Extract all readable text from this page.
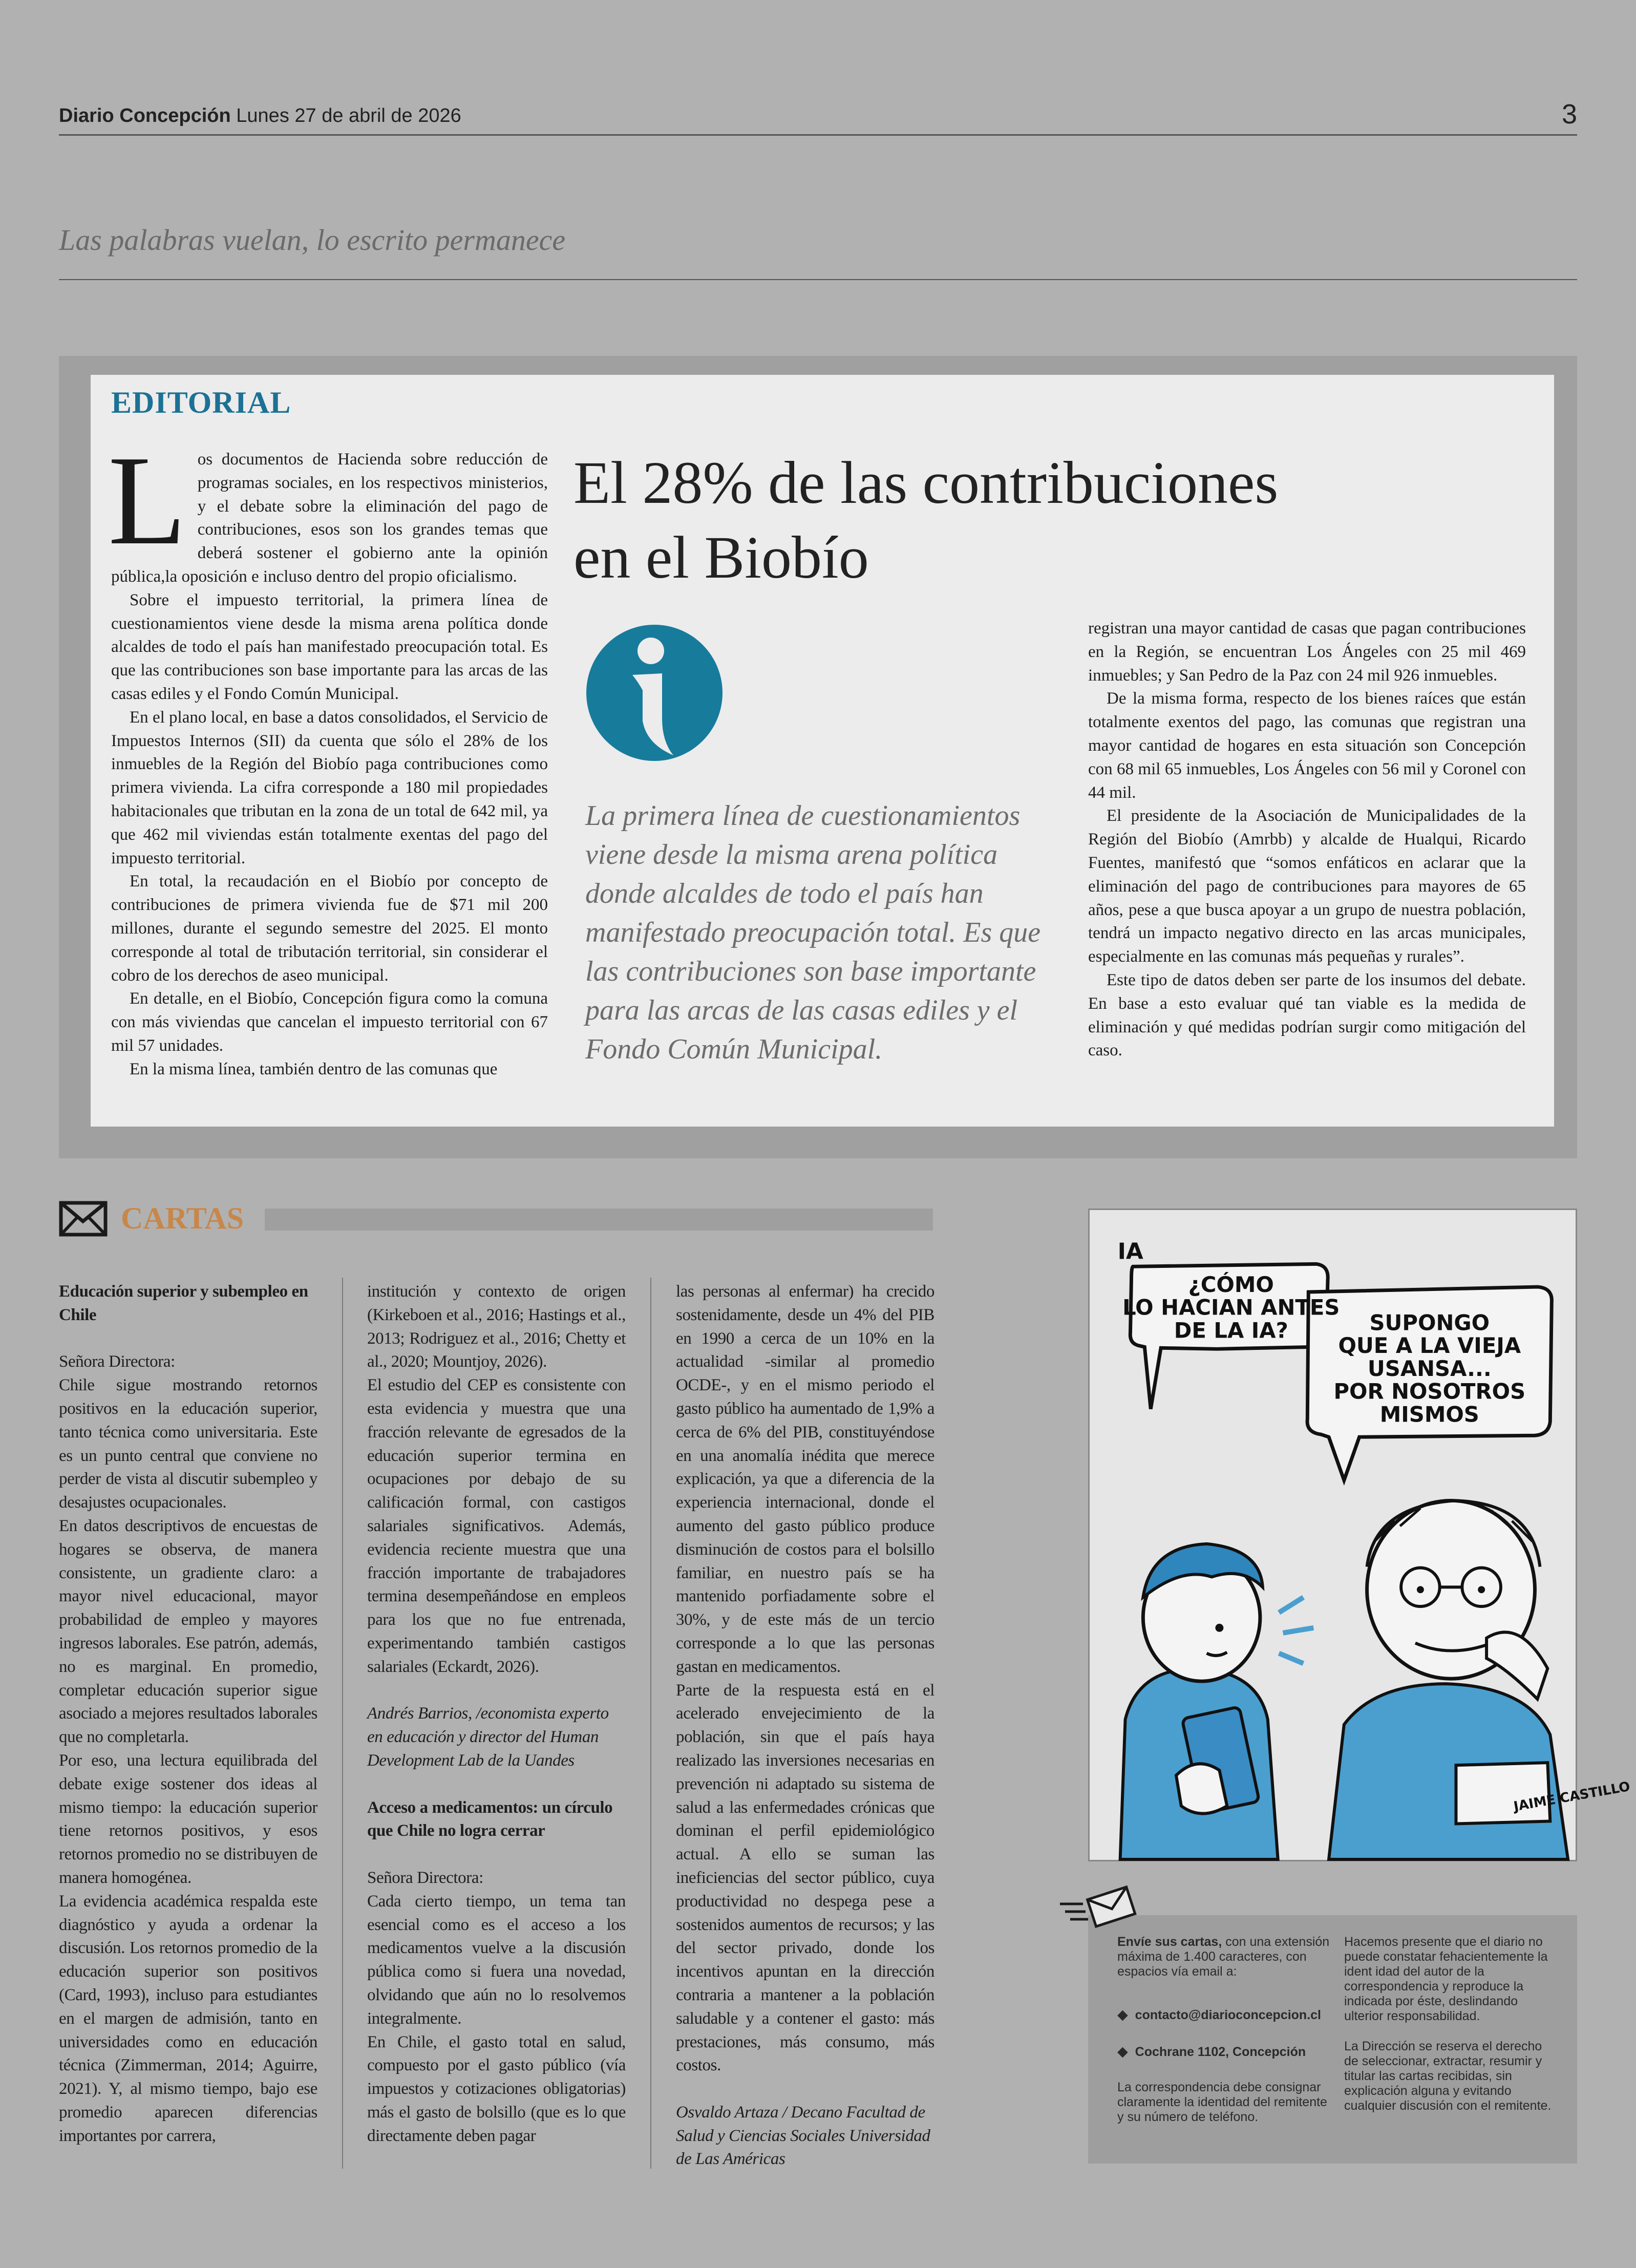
Diario Concepción Lunes 27 de abril de 2026	3
Las palabras vuelan, lo escrito permanece
EDITORIAL
L os documentos de Hacienda sobre reducción de programas sociales, en los respectivos ministerios, y el debate sobre la eliminación del pago de contribuciones, esos son los grandes temas que deberá sostener el gobierno ante la opinión pública,la oposición e incluso dentro del propio oficialismo.

Sobre el impuesto territorial, la primera línea de cuestionamientos viene desde la misma arena política donde alcaldes de todo el país han manifestado preocupación total. Es que las contribuciones son base importante para las arcas de las casas ediles y el Fondo Común Municipal.

En el plano local, en base a datos consolidados, el Servicio de Impuestos Internos (SII) da cuenta que sólo el 28% de los inmuebles de la Región del Biobío paga contribuciones como primera vivienda. La cifra corresponde a 180 mil propiedades habitacionales que tributan en la zona de un total de 642 mil, ya que 462 mil viviendas están totalmente exentas del pago del impuesto territorial.

En total, la recaudación en el Biobío por concepto de contribuciones de primera vivienda fue de $71 mil 200 millones, durante el segundo semestre del 2025. El monto corresponde al total de tributación territorial, sin considerar el cobro de los derechos de aseo municipal.

En detalle, en el Biobío, Concepción figura como la comuna con más viviendas que cancelan el impuesto territorial con 67 mil 57 unidades.

En la misma línea, también dentro de las comunas que

El 28% de las contribuciones en el Biobío
La primera línea de cuestionamientos viene desde la misma arena política donde alcaldes de todo el país han manifestado preocupación total. Es que las contribuciones son base importante para las arcas de las casas ediles y el Fondo Común Municipal.

registran una mayor cantidad de casas que pagan contribuciones en la Región, se encuentran Los Ángeles con 25 mil 469 inmuebles; y San Pedro de la Paz con 24 mil 926 inmuebles.

De la misma forma, respecto de los bienes raíces que están totalmente exentos del pago, las comunas que registran una mayor cantidad de hogares en esta situación son Concepción con 68 mil 65 inmuebles, Los Ángeles con 56 mil y Coronel con 44 mil.

El presidente de la Asociación de Municipalidades de la Región del Biobío (Amrbb) y alcalde de Hualqui, Ricardo Fuentes, manifestó que “somos enfáticos en aclarar que la eliminación del pago de contribuciones para mayores de 65 años, pese a que busca apoyar a un grupo de nuestra población, tendrá un impacto negativo directo en las arcas municipales, especialmente en las comunas más pequeñas y rurales”.

Este tipo de datos deben ser parte de los insumos del debate. En base a esto evaluar qué tan viable es la medida de eliminación y qué medidas podrían surgir como mitigación del caso.

CARTAS

Educación superior y subempleo en Chile

Señora Directora:

Chile sigue mostrando retornos positivos en la educación superior, tanto técnica como universitaria. Este es un punto central que conviene no perder de vista al discutir subempleo y desajustes ocupacionales.

En datos descriptivos de encuestas de hogares se observa, de manera consistente, un gradiente claro: a mayor nivel educacional, mayor probabilidad de empleo y mayores ingresos laborales. Ese patrón, además, no es marginal. En promedio, completar educación superior sigue asociado a mejores resultados laborales que no completarla.

Por eso, una lectura equilibrada del debate exige sostener dos ideas al mismo tiempo: la educación superior tiene retornos positivos, y esos retornos promedio no se distribuyen de manera homogénea.

La evidencia académica respalda este diagnóstico y ayuda a ordenar la discusión. Los retornos promedio de la educación superior son positivos (Card, 1993), incluso para estudiantes en el margen de admisión, tanto en universidades como en educación técnica (Zimmerman, 2014; Aguirre, 2021). Y, al mismo tiempo, bajo ese promedio aparecen diferencias importantes por carrera,

institución y contexto de origen (Kirkeboen et al., 2016; Hastings et al., 2013; Rodriguez et al., 2016; Chetty et al., 2020; Mountjoy, 2026).

El estudio del CEP es consistente con esta evidencia y muestra que una fracción relevante de egresados de la educación superior termina en ocupaciones por debajo de su calificación formal, con castigos salariales significativos. Además, evidencia reciente muestra que una fracción importante de trabajadores termina desempeñándose en empleos para los que no fue entrenada, experimentando también castigos salariales (Eckardt, 2026).

Andrés Barrios, /economista experto en educación y director del Human Development Lab de la Uandes

Acceso a medicamentos: un círculo que Chile no logra cerrar

Señora Directora:

Cada cierto tiempo, un tema tan esencial como es el acceso a los medicamentos vuelve a la discusión pública como si fuera una novedad, olvidando que aún no lo resolvemos integralmente.

En Chile, el gasto total en salud, compuesto por el gasto público (vía impuestos y cotizaciones obligatorias) más el gasto de bolsillo (que es lo que directamente deben pagar

las personas al enfermar) ha crecido sostenidamente, desde un 4% del PIB en 1990 a cerca de un 10% en la actualidad -similar al promedio OCDE-, y en el mismo periodo el gasto público ha aumentado de 1,9% a cerca de 6% del PIB, constituyéndose en una anomalía inédita que merece explicación, ya que a diferencia de la experiencia internacional, donde el aumento del gasto público produce disminución de costos para el bolsillo familiar, en nuestro país se ha mantenido porfiadamente sobre el 30%, y de este más de un tercio corresponde a lo que las personas gastan en medicamentos.

Parte de la respuesta está en el acelerado envejecimiento de la población, sin que el país haya realizado las inversiones necesarias en prevención ni adaptado su sistema de salud a las enfermedades crónicas que dominan el perfil epidemiológico actual. A ello se suman las ineficiencias del sector público, cuya productividad no despega pese a sostenidos aumentos de recursos; y las del sector privado, donde los incentivos apuntan en la dirección contraria a mantener a la población saludable y a contener el gasto: más prestaciones, más consumo, más costos.

Osvaldo Artaza / Decano Facultad de Salud y Ciencias Sociales Universidad de Las Américas

IA
¿CÓMO
LO HACIAN ANTES
DE LA IA?	SUPONGO
QUE A LA VIEJA
USANSA...
POR NOSOTROS
MISMOS
JAIME CASTILLO
Envíe sus cartas, con una extensión máxima de 1.400 caracteres, con espacios vía email a:
◆ contacto@diarioconcepcion.cl
◆ Cochrane 1102, Concepción
La correspondencia debe consignar claramente la identidad del remitente y su número de teléfono.
Hacemos presente que el diario no puede constatar fehacientemente la ident idad del autor de la correspondencia y reproduce la indicada por éste, deslindando ulterior responsabilidad.
La Dirección se reserva el derecho de seleccionar, extractar, resumir y titular las cartas recibidas, sin explicación alguna y evitando cualquier discusión con el remitente.
